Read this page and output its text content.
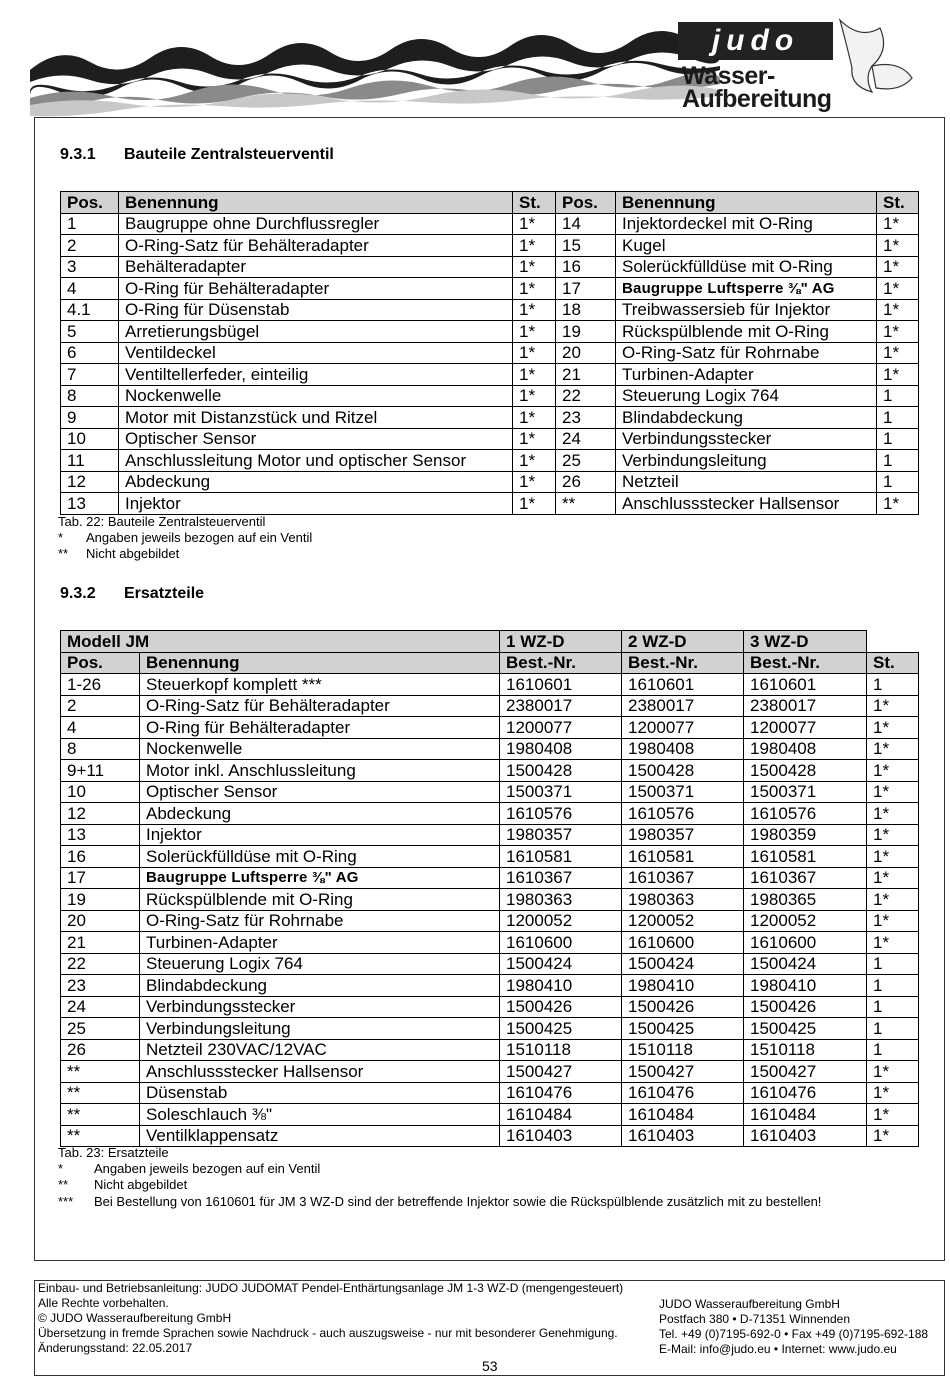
judo
Wasser-
Aufbereitung
9.3.1 Bauteile Zentralsteuerventil
Pos.	Benennung	St.	Pos.	Benennung	St.
1	Baugruppe ohne Durchflussregler	1*	14	Injektordeckel mit O-Ring	1*
2	O-Ring-Satz für Behälteradapter	1*	15	Kugel	1*
3	Behälteradapter	1*	16	Solerückfülldüse mit O-Ring	1*
4	O-Ring für Behälteradapter	1*	17	Baugruppe Luftsperre ⅜" AG	1*
4.1	O-Ring für Düsenstab	1*	18	Treibwassersieb für Injektor	1*
5	Arretierungsbügel	1*	19	Rückspülblende mit O-Ring	1*
6	Ventildeckel	1*	20	O-Ring-Satz für Rohrnabe	1*
7	Ventiltellerfeder, einteilig	1*	21	Turbinen-Adapter	1*
8	Nockenwelle	1*	22	Steuerung Logix 764	1
9	Motor mit Distanzstück und Ritzel	1*	23	Blindabdeckung	1
10	Optischer Sensor	1*	24	Verbindungsstecker	1
11	Anschlussleitung Motor und optischer Sensor	1*	25	Verbindungsleitung	1
12	Abdeckung	1*	26	Netzteil	1
13	Injektor	1*	**	Anschlussstecker Hallsensor	1*
Tab. 22: Bauteile Zentralsteuerventil
* Angaben jeweils bezogen auf ein Ventil
** Nicht abgebildet
9.3.2 Ersatzteile
Modell JM		1 WZ-D	2 WZ-D	3 WZ-D	
Pos.	Benennung	Best.-Nr.	Best.-Nr.	Best.-Nr.	St.
1-26	Steuerkopf komplett ***	1610601	1610601	1610601	1
2	O-Ring-Satz für Behälteradapter	2380017	2380017	2380017	1*
4	O-Ring für Behälteradapter	1200077	1200077	1200077	1*
8	Nockenwelle	1980408	1980408	1980408	1*
9+11	Motor inkl. Anschlussleitung	1500428	1500428	1500428	1*
10	Optischer Sensor	1500371	1500371	1500371	1*
12	Abdeckung	1610576	1610576	1610576	1*
13	Injektor	1980357	1980357	1980359	1*
16	Solerückfülldüse mit O-Ring	1610581	1610581	1610581	1*
17	Baugruppe Luftsperre ⅜" AG	1610367	1610367	1610367	1*
19	Rückspülblende mit O-Ring	1980363	1980363	1980365	1*
20	O-Ring-Satz für Rohrnabe	1200052	1200052	1200052	1*
21	Turbinen-Adapter	1610600	1610600	1610600	1*
22	Steuerung Logix 764	1500424	1500424	1500424	1
23	Blindabdeckung	1980410	1980410	1980410	1
24	Verbindungsstecker	1500426	1500426	1500426	1
25	Verbindungsleitung	1500425	1500425	1500425	1
26	Netzteil 230VAC/12VAC	1510118	1510118	1510118	1
**	Anschlussstecker Hallsensor	1500427	1500427	1500427	1*
**	Düsenstab	1610476	1610476	1610476	1*
**	Soleschlauch ⅜"	1610484	1610484	1610484	1*
**	Ventilklappensatz	1610403	1610403	1610403	1*
Tab. 23: Ersatzteile
* Angaben jeweils bezogen auf ein Ventil
** Nicht abgebildet
*** Bei Bestellung von 1610601 für JM 3 WZ-D sind der betreffende Injektor sowie die Rückspülblende zusätzlich mit zu bestellen!
Einbau- und Betriebsanleitung: JUDO JUDOMAT Pendel-Enthärtungsanlage JM 1-3 WZ-D (mengengesteuert)
Alle Rechte vorbehalten.
© JUDO Wasseraufbereitung GmbH
Übersetzung in fremde Sprachen sowie Nachdruck - auch auszugsweise - nur mit besonderer Genehmigung.
Änderungsstand: 22.05.2017
JUDO Wasseraufbereitung GmbH
Postfach 380 • D-71351 Winnenden
Tel. +49 (0)7195-692-0 • Fax +49 (0)7195-692-188
E-Mail: info@judo.eu • Internet: www.judo.eu
53
